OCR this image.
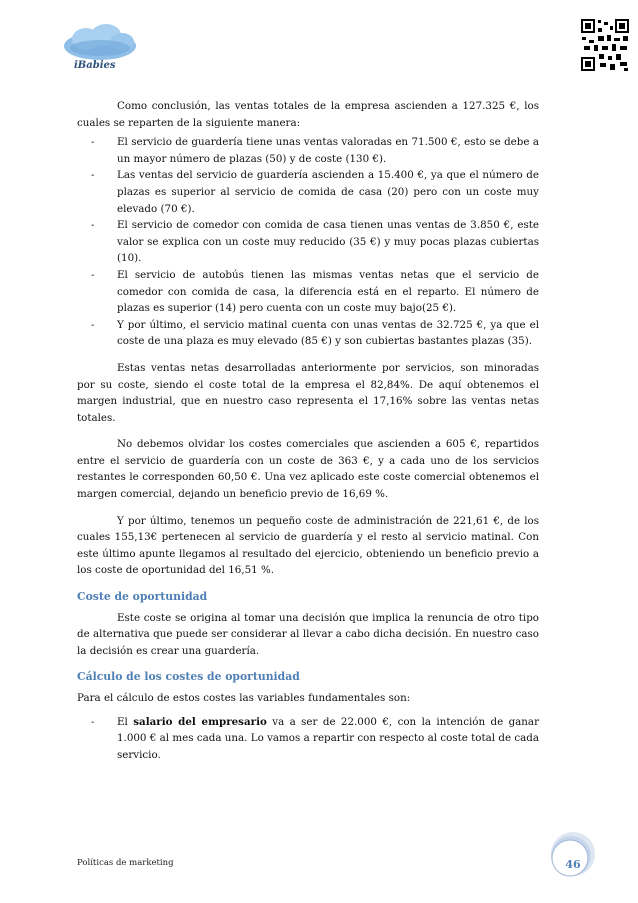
iBabies

Como conclusión, las ventas totales de la empresa ascienden a 127.325 €, los cuales se reparten de la siguiente manera:

- El servicio de guardería tiene unas ventas valoradas en 71.500 €, esto se debe a un mayor número de plazas (50) y de coste (130 €).
- Las ventas del servicio de guardería ascienden a 15.400 €, ya que el número de plazas es superior al servicio de comida de casa (20) pero con un coste muy elevado (70 €).
- El servicio de comedor con comida de casa tienen unas ventas de 3.850 €, este valor se explica con un coste muy reducido (35 €) y muy pocas plazas cubiertas (10).
- El servicio de autobús tienen las mismas ventas netas que el servicio de comedor con comida de casa, la diferencia está en el reparto. El número de plazas es superior (14) pero cuenta con un coste muy bajo(25 €).
- Y por último, el servicio matinal cuenta con unas ventas de 32.725 €, ya que el coste de una plaza es muy elevado (85 €) y son cubiertas bastantes plazas (35).

Estas ventas netas desarrolladas anteriormente por servicios, son minoradas por su coste, siendo el coste total de la empresa el 82,84%. De aquí obtenemos el margen industrial, que en nuestro caso representa el 17,16% sobre las ventas netas totales.

No debemos olvidar los costes comerciales que ascienden a 605 €, repartidos entre el servicio de guardería con un coste de 363 €, y a cada uno de los servicios restantes le corresponden 60,50 €. Una vez aplicado este coste comercial obtenemos el margen comercial, dejando un beneficio previo de 16,69 %.

Y por último, tenemos un pequeño coste de administración de 221,61 €, de los cuales 155,13€ pertenecen al servicio de guardería y el resto al servicio matinal. Con este último apunte llegamos al resultado del ejercicio, obteniendo un beneficio previo a los coste de oportunidad del 16,51 %.

Coste de oportunidad

Este coste se origina al tomar una decisión que implica la renuncia de otro tipo de alternativa que puede ser considerar al llevar a cabo dicha decisión. En nuestro caso la decisión es crear una guardería.

Cálculo de los costes de oportunidad

Para el cálculo de estos costes las variables fundamentales son:

- El salario del empresario va a ser de 22.000 €, con la intención de ganar 1.000 € al mes cada una. Lo vamos a repartir con respecto al coste total de cada servicio.
Políticas de marketing	46
